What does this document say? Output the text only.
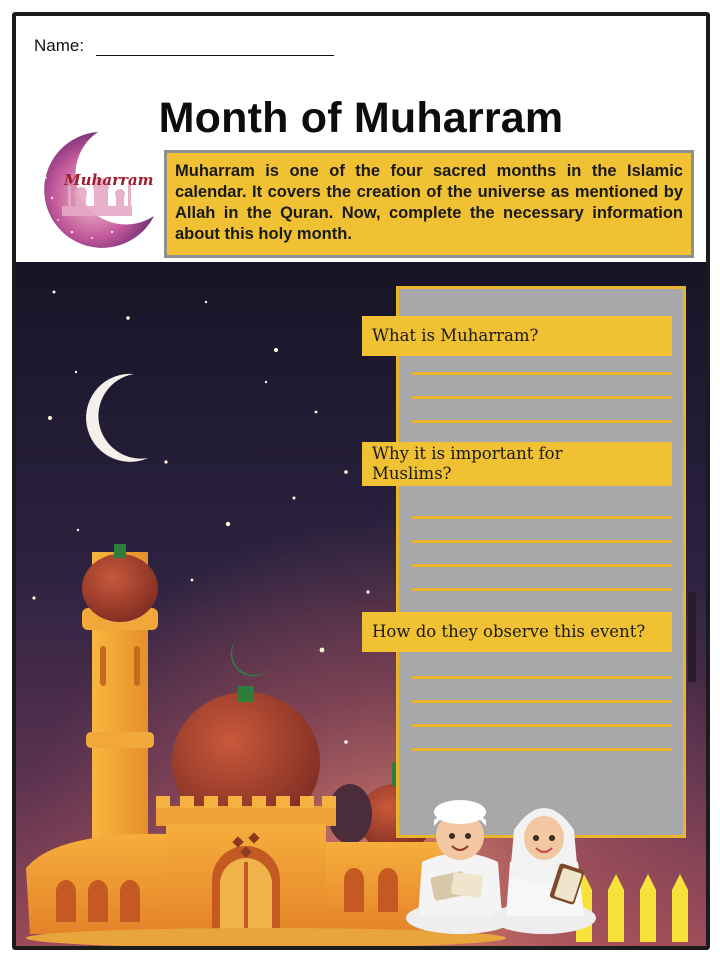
Name:
Month of Muharram
Muharram	Muharram is one of the four sacred months in the Islamic calendar. It covers the creation of the universe as mentioned by Allah in the Quran. Now, complete the necessary information about this holy month.
What is Muharram?
Why it is important for Muslims?
How do they observe this event?
